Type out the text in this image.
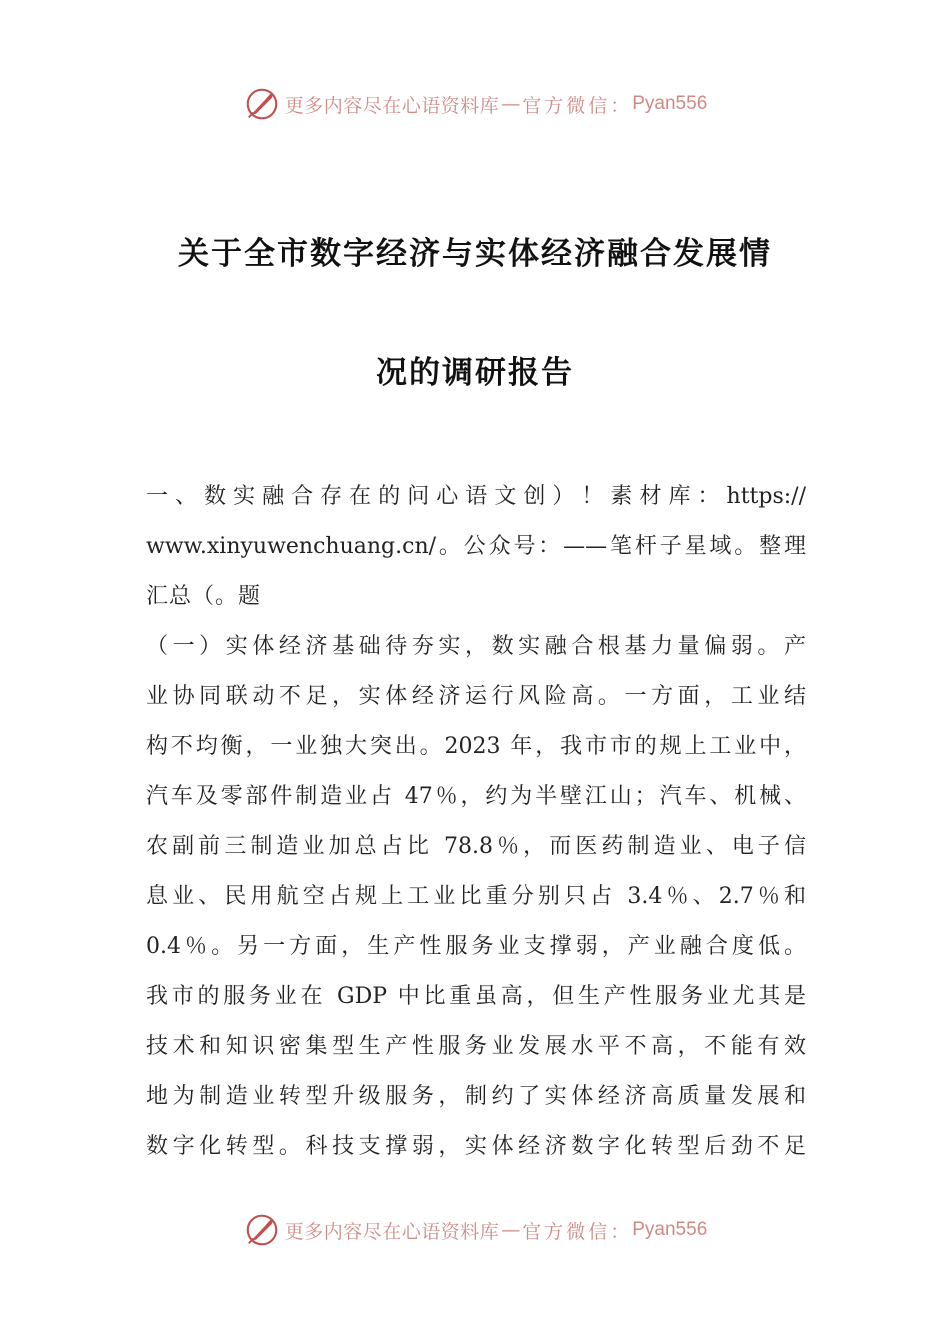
更多内容尽在心语资料库 — 官方微信： Pyan556
关于全市数字经济与实体经济融合发展情
况的调研报告
一、数实融合存在的问心语文创）！素材库：https://
www.xinyuwenchuang.cn/。公众号：——笔杆子星域。整理
汇总（。题
（一）实体经济基础待夯实，数实融合根基力量偏弱。产
业协同联动不足，实体经济运行风险高。一方面，工业结
构不均衡，一业独大突出。2023 年，我市市的规上工业中，
汽车及零部件制造业占 47％，约为半壁江山；汽车、机械、
农副前三制造业加总占比 78.8％，而医药制造业、电子信
息业、民用航空占规上工业比重分别只占 3.4％、2.7％和
0.4％。另一方面，生产性服务业支撑弱，产业融合度低。
我市的服务业在 GDP 中比重虽高，但生产性服务业尤其是
技术和知识密集型生产性服务业发展水平不高，不能有效
地为制造业转型升级服务，制约了实体经济高质量发展和
数字化转型。科技支撑弱，实体经济数字化转型后劲不足
更多内容尽在心语资料库 — 官方微信： Pyan556
